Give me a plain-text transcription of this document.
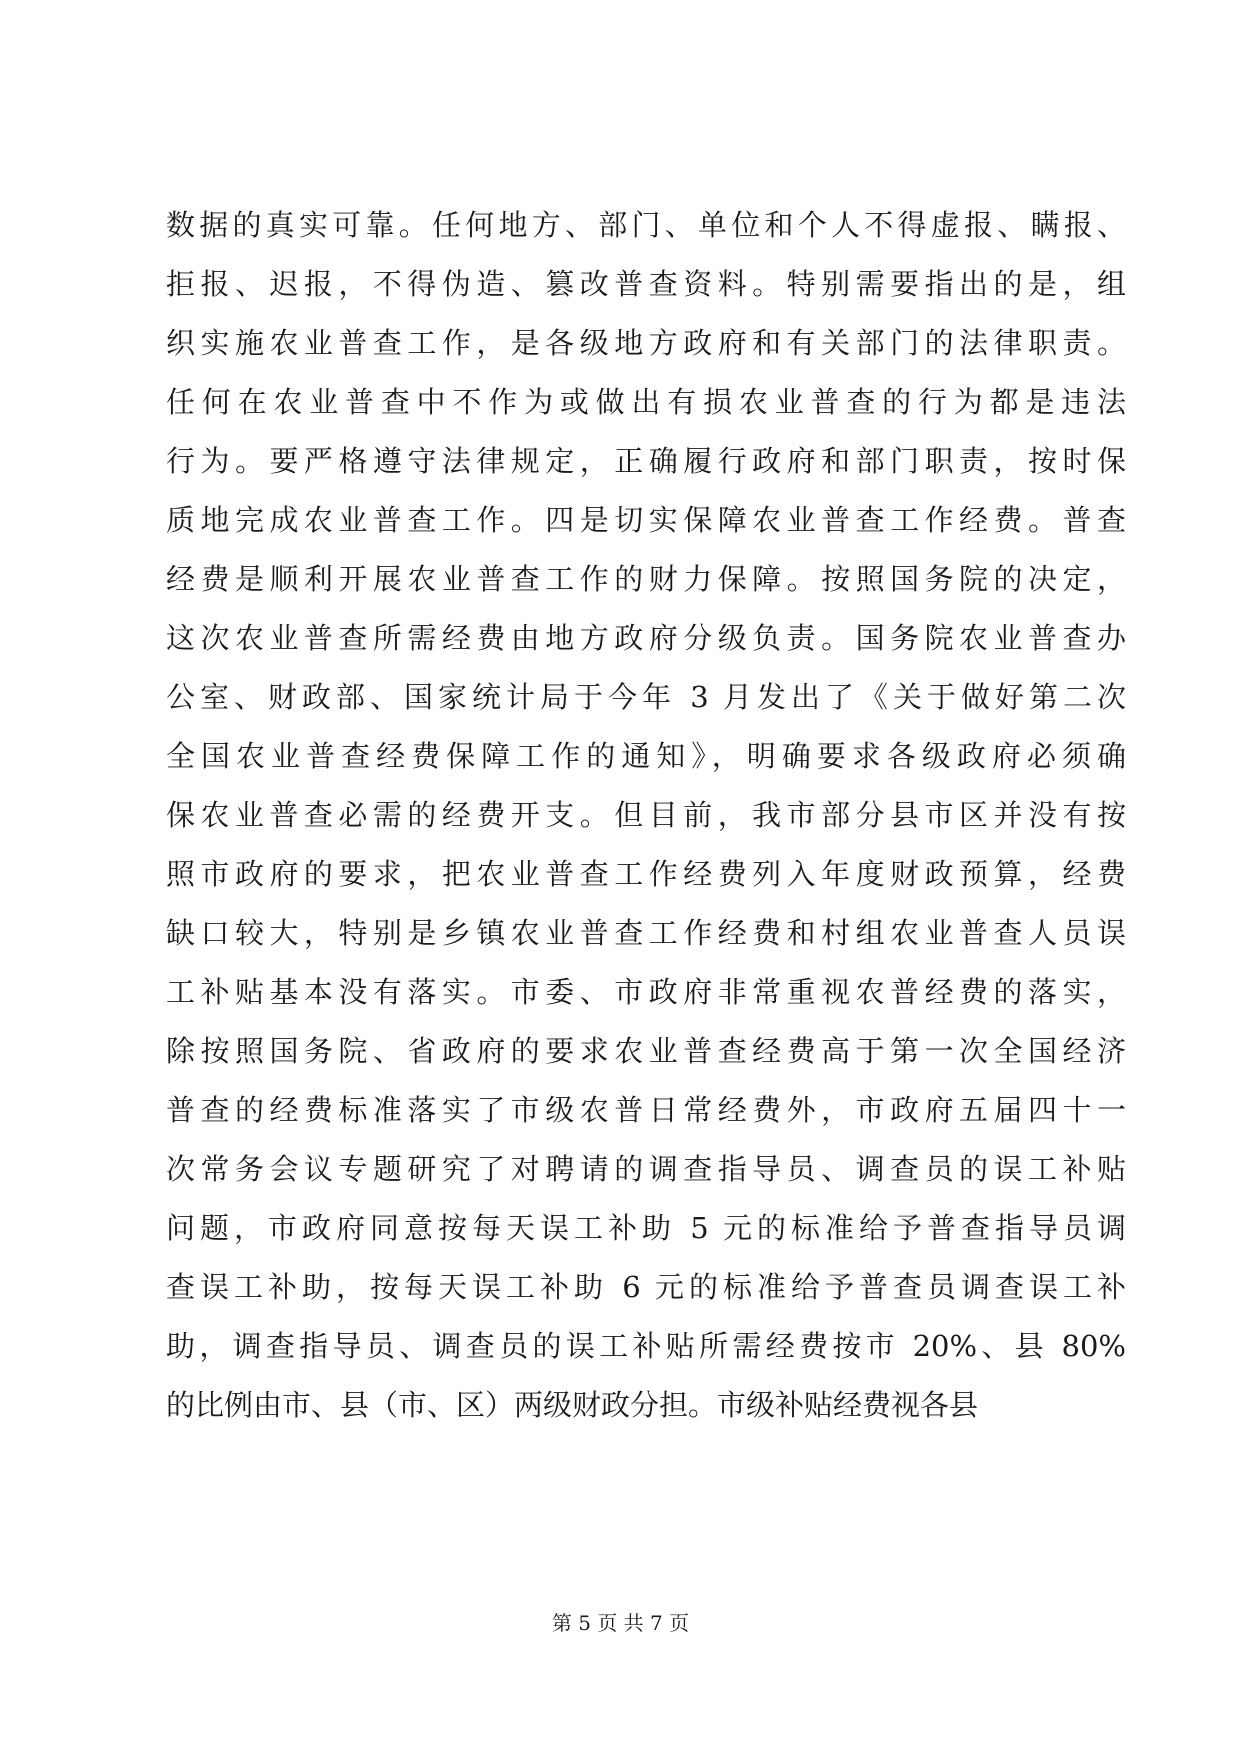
数据的真实可靠。任何地方、部门、单位和个人不得虚报、瞒报、
拒报、迟报，不得伪造、篡改普查资料。特别需要指出的是，组
织实施农业普查工作，是各级地方政府和有关部门的法律职责。
任何在农业普查中不作为或做出有损农业普查的行为都是违法
行为。要严格遵守法律规定，正确履行政府和部门职责，按时保
质地完成农业普查工作。四是切实保障农业普查工作经费。普查
经费是顺利开展农业普查工作的财力保障。按照国务院的决定，
这次农业普查所需经费由地方政府分级负责。国务院农业普查办
公室、财政部、国家统计局于今年 3 月发出了《关于做好第二次
全国农业普查经费保障工作的通知》，明确要求各级政府必须确
保农业普查必需的经费开支。但目前，我市部分县市区并没有按
照市政府的要求，把农业普查工作经费列入年度财政预算，经费
缺口较大，特别是乡镇农业普查工作经费和村组农业普查人员误
工补贴基本没有落实。市委、市政府非常重视农普经费的落实，
除按照国务院、省政府的要求农业普查经费高于第一次全国经济
普查的经费标准落实了市级农普日常经费外，市政府五届四十一
次常务会议专题研究了对聘请的调查指导员、调查员的误工补贴
问题，市政府同意按每天误工补助 5 元的标准给予普查指导员调
查误工补助，按每天误工补助 6 元的标准给予普查员调查误工补
助，调查指导员、调查员的误工补贴所需经费按市 20%、县 80%
的比例由市、县（市、区）两级财政分担。市级补贴经费视各县
第 5 页 共 7 页
